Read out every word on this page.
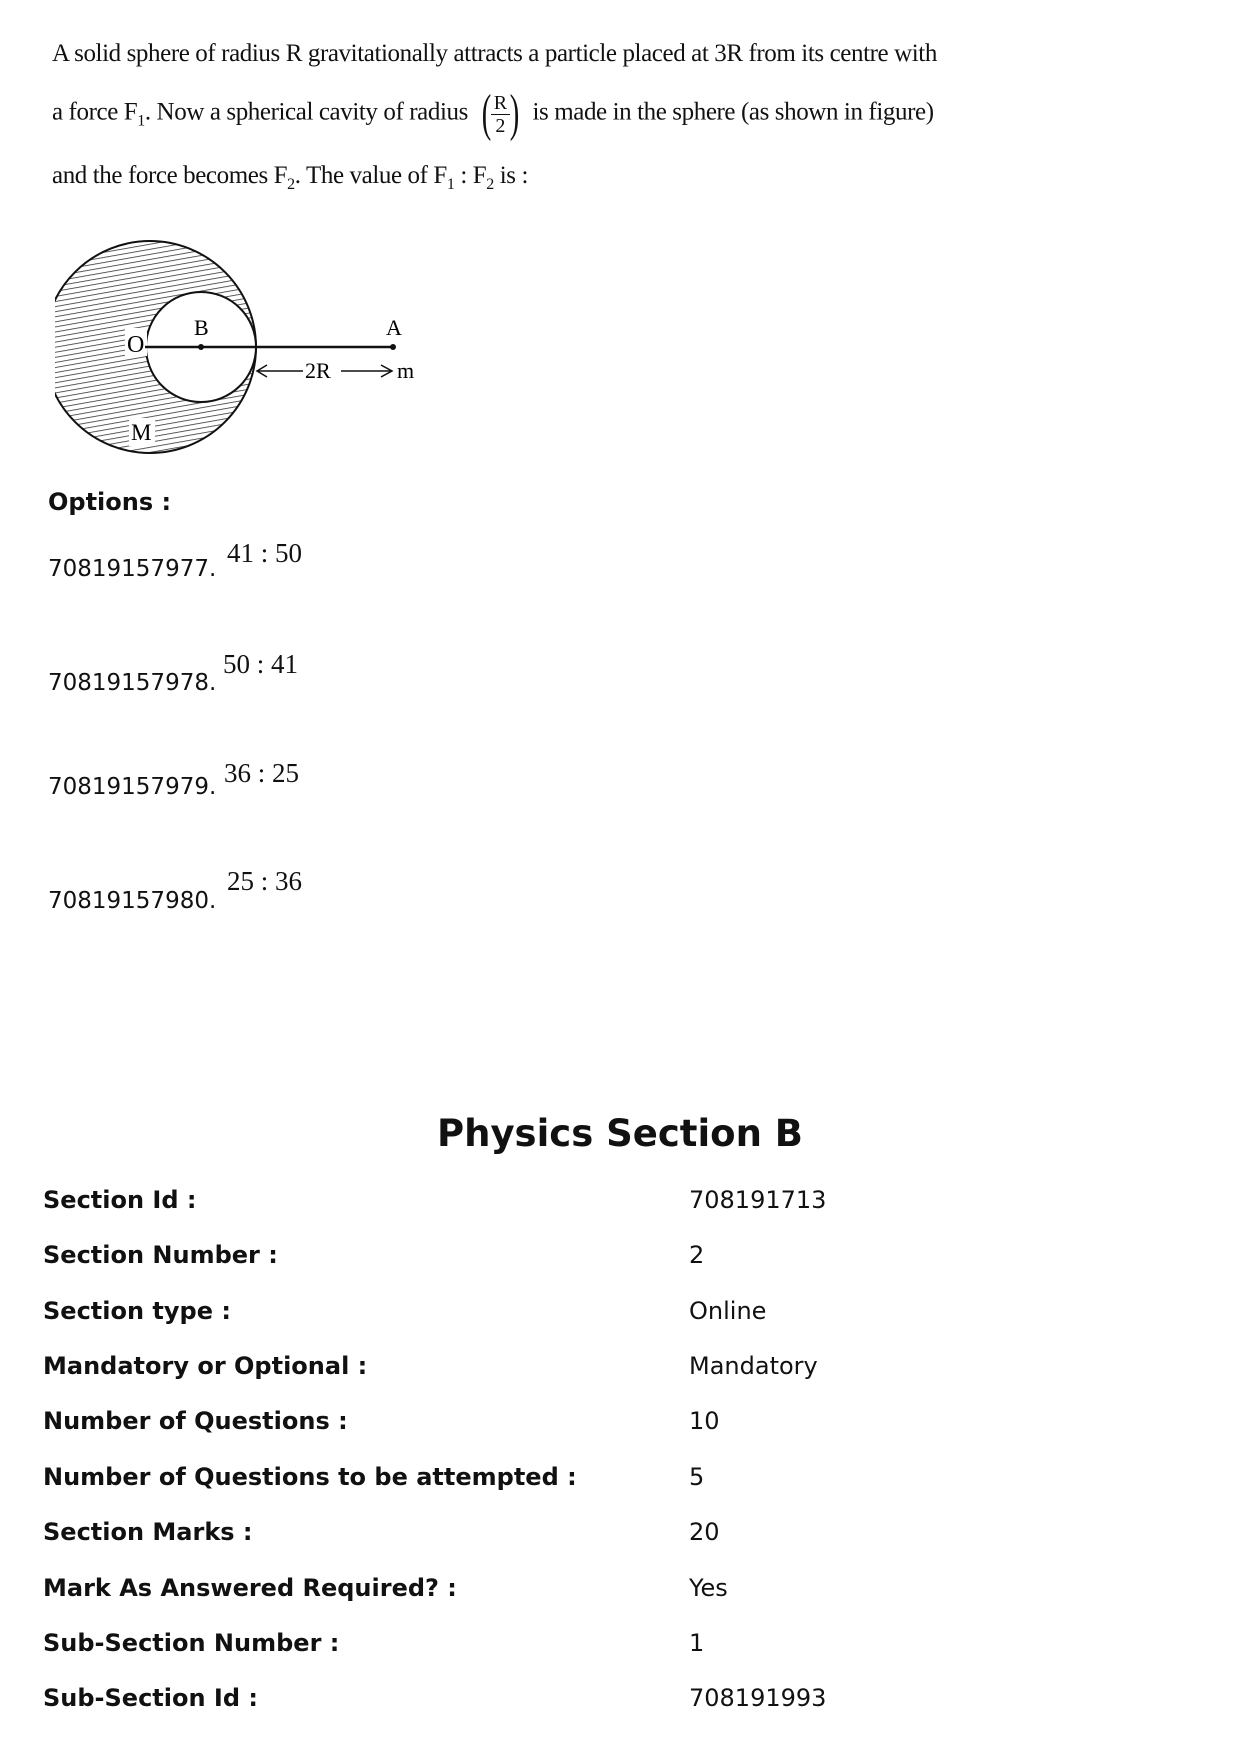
A solid sphere of radius R gravitationally attracts a particle placed at 3R from its centre with
a force $F_1$. Now a spherical cavity of radius ( $\frac{R}{2}$ ) is made in the sphere (as shown in figure)
and the force becomes $F_2$. The value of $F_1$ : $F_2$ is :
O
B	A
m
2R
M
Options :
70819157977.
41 : 50
70819157978.
50 : 41
70819157979. 36 : 25
70819157980.
25 : 36
Physics Section B
Section Id :	708191713
Section Number :	2
Section type :	Online
Mandatory or Optional :	Mandatory
Number of Questions :	10
Number of Questions to be attempted :	5
Section Marks :	20
Mark As Answered Required? :	Yes
Sub-Section Number :	1
Sub-Section Id :	708191993
